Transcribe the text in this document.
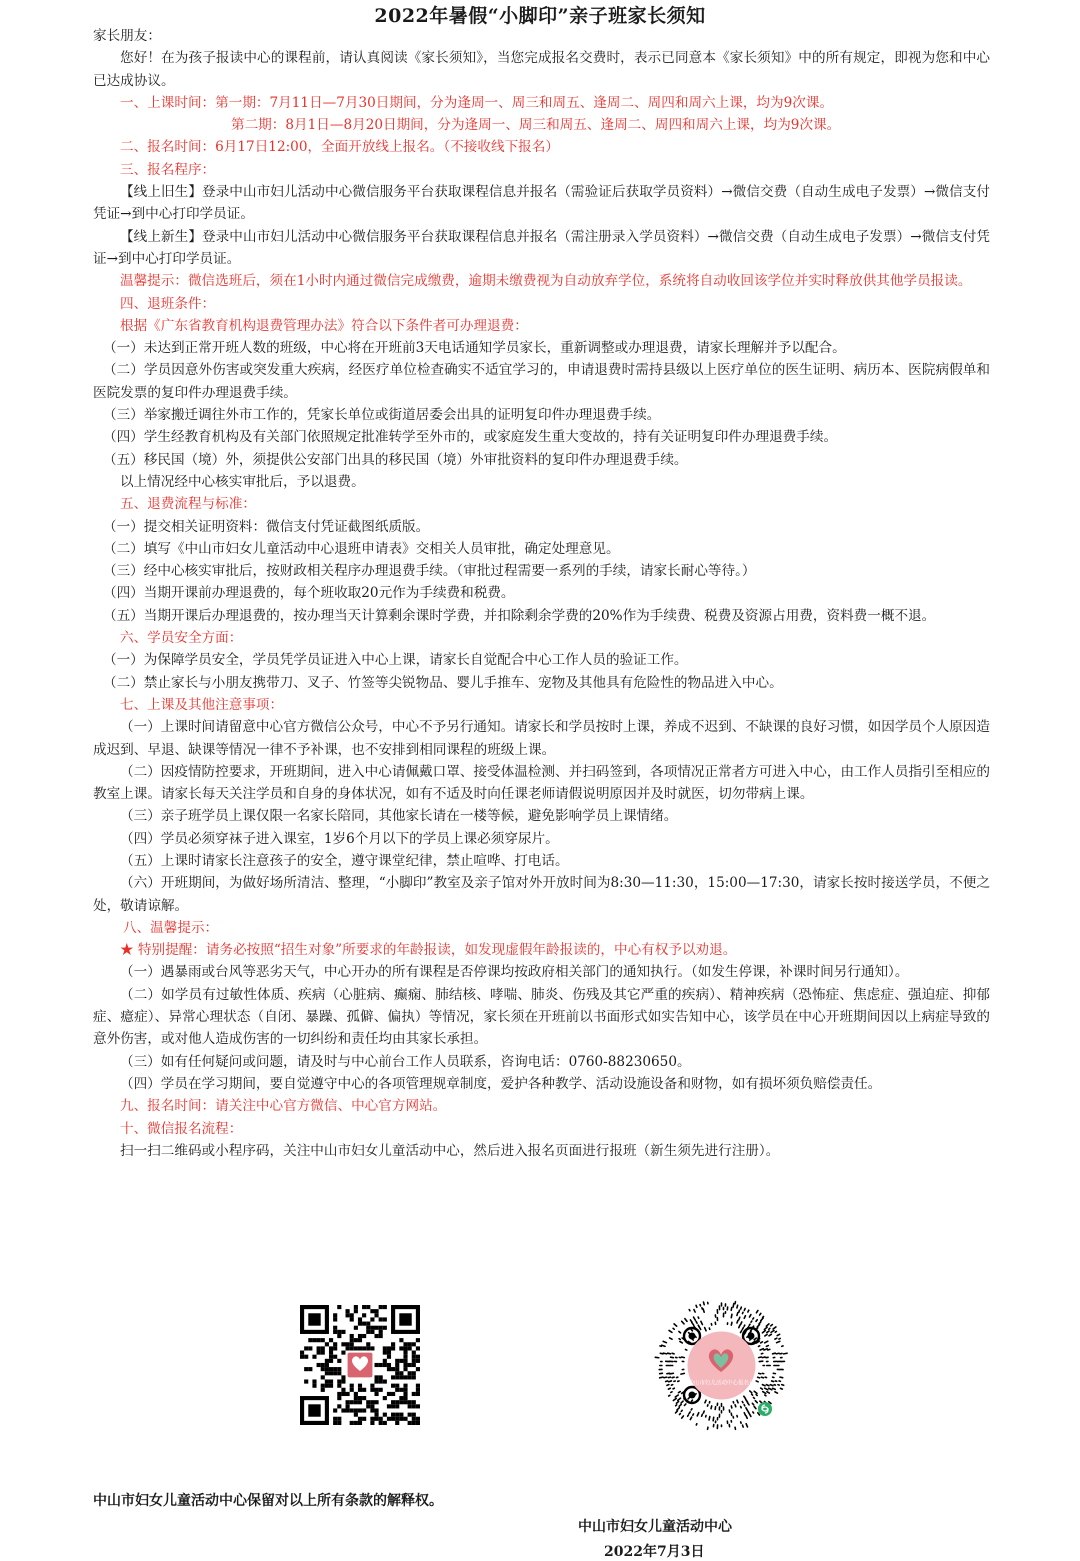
2022年暑假“小脚印”亲子班家长须知

家长朋友：

您好！在为孩子报读中心的课程前，请认真阅读《家长须知》，当您完成报名交费时，表示已同意本《家长须知》中的所有规定，即视为您和中心已达成协议。

一、上课时间：第一期：7月11日—7月30日期间，分为逢周一、周三和周五、逢周二、周四和周六上课，均为9次课。

第二期：8月1日—8月20日期间，分为逢周一、周三和周五、逢周二、周四和周六上课，均为9次课。

二、报名时间：6月17日12:00，全面开放线上报名。（不接收线下报名）

三、报名程序：

【线上旧生】登录中山市妇儿活动中心微信服务平台获取课程信息并报名（需验证后获取学员资料）→微信交费（自动生成电子发票）→微信支付凭证→到中心打印学员证。

【线上新生】登录中山市妇儿活动中心微信服务平台获取课程信息并报名（需注册录入学员资料）→微信交费（自动生成电子发票）→微信支付凭证→到中心打印学员证。

温馨提示：微信选班后，须在1小时内通过微信完成缴费，逾期未缴费视为自动放弃学位，系统将自动收回该学位并实时释放供其他学员报读。

四、退班条件：

根据《广东省教育机构退费管理办法》符合以下条件者可办理退费：

（一）未达到正常开班人数的班级，中心将在开班前3天电话通知学员家长，重新调整或办理退费，请家长理解并予以配合。

（二）学员因意外伤害或突发重大疾病，经医疗单位检查确实不适宜学习的，申请退费时需持县级以上医疗单位的医生证明、病历本、医院病假单和医院发票的复印件办理退费手续。

（三）举家搬迁调往外市工作的，凭家长单位或街道居委会出具的证明复印件办理退费手续。

（四）学生经教育机构及有关部门依照规定批准转学至外市的，或家庭发生重大变故的，持有关证明复印件办理退费手续。

（五）移民国（境）外，须提供公安部门出具的移民国（境）外审批资料的复印件办理退费手续。

以上情况经中心核实审批后，予以退费。

五、退费流程与标准：

（一）提交相关证明资料：微信支付凭证截图纸质版。

（二）填写《中山市妇女儿童活动中心退班申请表》交相关人员审批，确定处理意见。

（三）经中心核实审批后，按财政相关程序办理退费手续。（审批过程需要一系列的手续，请家长耐心等待。）

（四）当期开课前办理退费的，每个班收取20元作为手续费和税费。

（五）当期开课后办理退费的，按办理当天计算剩余课时学费，并扣除剩余学费的20%作为手续费、税费及资源占用费，资料费一概不退。

六、学员安全方面：

（一）为保障学员安全，学员凭学员证进入中心上课，请家长自觉配合中心工作人员的验证工作。

（二）禁止家长与小朋友携带刀、叉子、竹签等尖锐物品、婴儿手推车、宠物及其他具有危险性的物品进入中心。

七、上课及其他注意事项：

（一）上课时间请留意中心官方微信公众号，中心不予另行通知。请家长和学员按时上课，养成不迟到、不缺课的良好习惯，如因学员个人原因造成迟到、早退、缺课等情况一律不予补课，也不安排到相同课程的班级上课。

（二）因疫情防控要求，开班期间，进入中心请佩戴口罩、接受体温检测、并扫码签到，各项情况正常者方可进入中心，由工作人员指引至相应的教室上课。请家长每天关注学员和自身的身体状况，如有不适及时向任课老师请假说明原因并及时就医，切勿带病上课。

（三）亲子班学员上课仅限一名家长陪同，其他家长请在一楼等候，避免影响学员上课情绪。

（四）学员必须穿袜子进入课室，1岁6个月以下的学员上课必须穿尿片。

（五）上课时请家长注意孩子的安全，遵守课堂纪律，禁止喧哗、打电话。

（六）开班期间，为做好场所清洁、整理，“小脚印”教室及亲子馆对外开放时间为8:30—11:30，15:00—17:30，请家长按时接送学员，不便之处，敬请谅解。

八、温馨提示：

★ 特别提醒：请务必按照“招生对象”所要求的年龄报读，如发现虚假年龄报读的，中心有权予以劝退。

（一）遇暴雨或台风等恶劣天气，中心开办的所有课程是否停课均按政府相关部门的通知执行。（如发生停课，补课时间另行通知）。

（二）如学员有过敏性体质、疾病（心脏病、癫痫、肺结核、哮喘、肺炎、伤残及其它严重的疾病）、精神疾病（恐怖症、焦虑症、强迫症、抑郁症、癔症）、异常心理状态（自闭、暴躁、孤僻、偏执）等情况，家长须在开班前以书面形式如实告知中心，该学员在中心开班期间因以上病症导致的意外伤害，或对他人造成伤害的一切纠纷和责任均由其家长承担。

（三）如有任何疑问或问题，请及时与中心前台工作人员联系，咨询电话：0760-88230650。

（四）学员在学习期间，要自觉遵守中心的各项管理规章制度，爱护各种教学、活动设施设备和财物，如有损坏须负赔偿责任。

九、报名时间：请关注中心官方微信、中心官方网站。

十、微信报名流程：

扫一扫二维码或小程序码，关注中山市妇女儿童活动中心，然后进入报名页面进行报班（新生须先进行注册）。

中山市妇儿活动中心报名号
中山市妇女儿童活动中心保留对以上所有条款的解释权。
中山市妇女儿童活动中心
2022年7月3日
